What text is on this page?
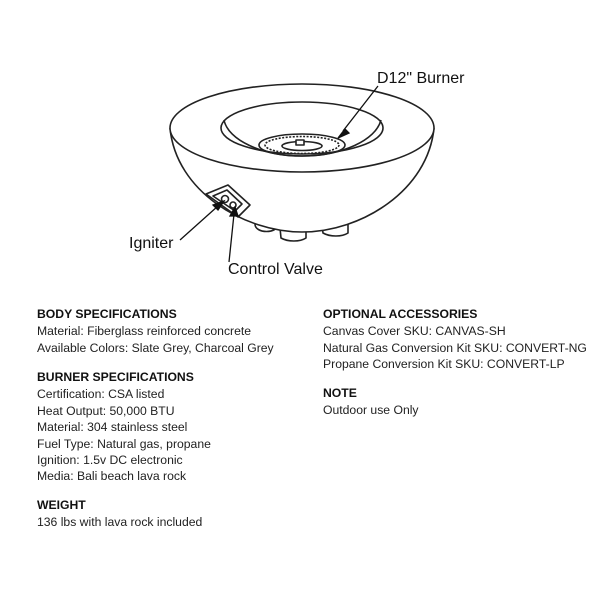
D12" Burner
Igniter
Control Valve
BODY SPECIFICATIONS
Material: Fiberglass reinforced concrete
Available Colors: Slate Grey, Charcoal Grey
BURNER SPECIFICATIONS
Certification: CSA listed
Heat Output: 50,000 BTU
Material: 304 stainless steel
Fuel Type: Natural gas, propane
Ignition: 1.5v DC electronic
Media: Bali beach lava rock
WEIGHT
136 lbs with lava rock included
OPTIONAL ACCESSORIES
Canvas Cover SKU: CANVAS-SH
Natural Gas Conversion Kit SKU: CONVERT-NG
Propane Conversion Kit SKU: CONVERT-LP
NOTE
Outdoor use Only
